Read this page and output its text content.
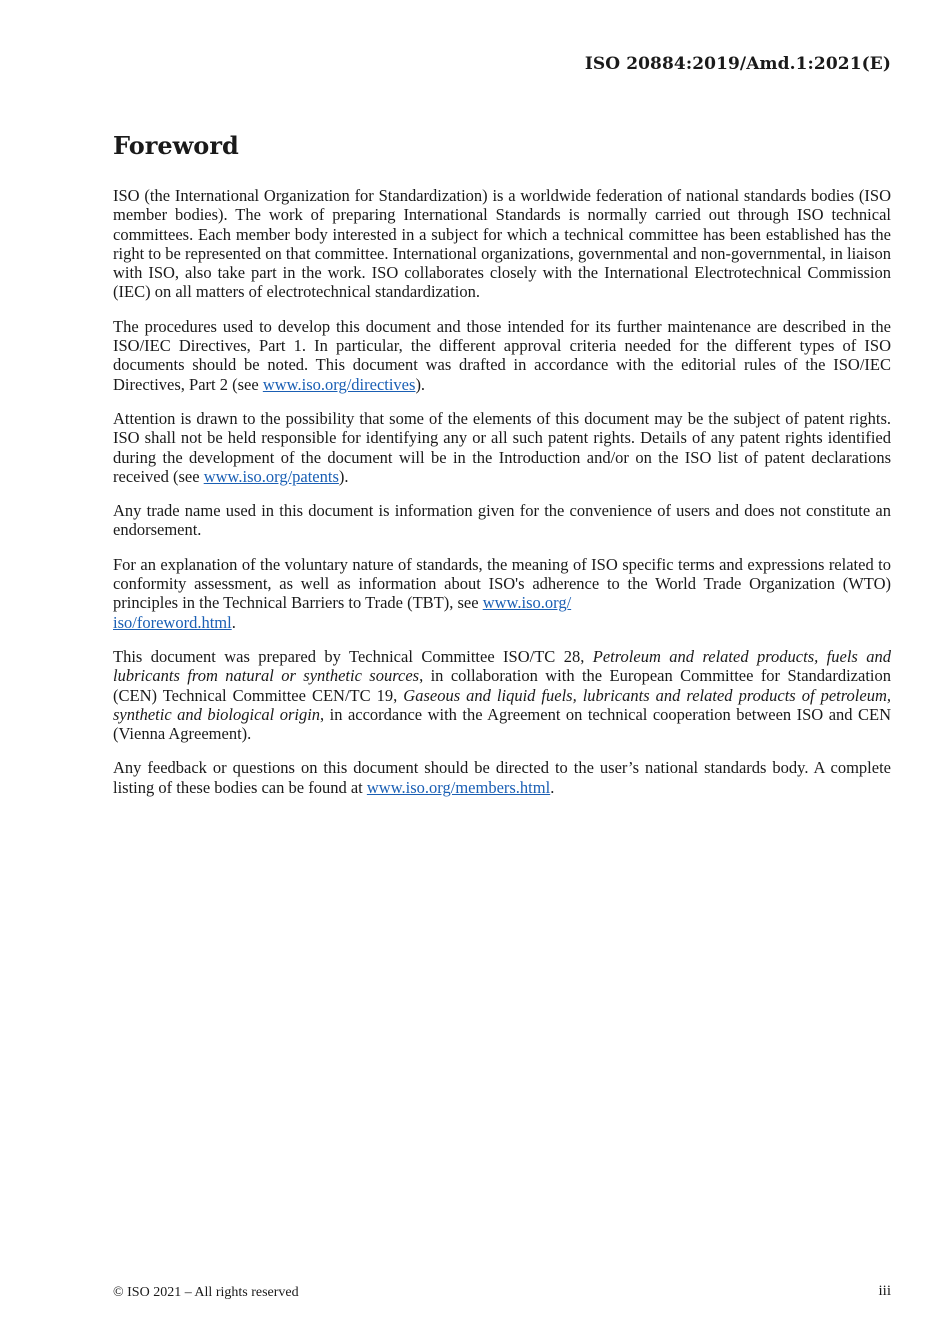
ISO 20884:2019/Amd.1:2021(E)
Foreword

ISO (the International Organization for Standardization) is a worldwide federation of national standards bodies (ISO member bodies). The work of preparing International Standards is normally carried out through ISO technical committees. Each member body interested in a subject for which a technical committee has been established has the right to be represented on that committee. International organizations, governmental and non-governmental, in liaison with ISO, also take part in the work. ISO collaborates closely with the International Electrotechnical Commission (IEC) on all matters of electrotechnical standardization.

The procedures used to develop this document and those intended for its further maintenance are described in the ISO/IEC Directives, Part 1. In particular, the different approval criteria needed for the different types of ISO documents should be noted. This document was drafted in accordance with the editorial rules of the ISO/IEC Directives, Part 2 (see www.iso.org/directives).

Attention is drawn to the possibility that some of the elements of this document may be the subject of patent rights. ISO shall not be held responsible for identifying any or all such patent rights. Details of any patent rights identified during the development of the document will be in the Introduction and/or on the ISO list of patent declarations received (see www.iso.org/patents).

Any trade name used in this document is information given for the convenience of users and does not constitute an endorsement.

For an explanation of the voluntary nature of standards, the meaning of ISO specific terms and expressions related to conformity assessment, as well as information about ISO's adherence to the World Trade Organization (WTO) principles in the Technical Barriers to Trade (TBT), see www.iso.org/
iso/foreword.html.

This document was prepared by Technical Committee ISO/TC 28, Petroleum and related products, fuels and lubricants from natural or synthetic sources, in collaboration with the European Committee for Standardization (CEN) Technical Committee CEN/TC 19, Gaseous and liquid fuels, lubricants and related products of petroleum, synthetic and biological origin, in accordance with the Agreement on technical cooperation between ISO and CEN (Vienna Agreement).

Any feedback or questions on this document should be directed to the user’s national standards body. A complete listing of these bodies can be found at www.iso.org/members.html.

© ISO 2021 – All rights reserved	iii
